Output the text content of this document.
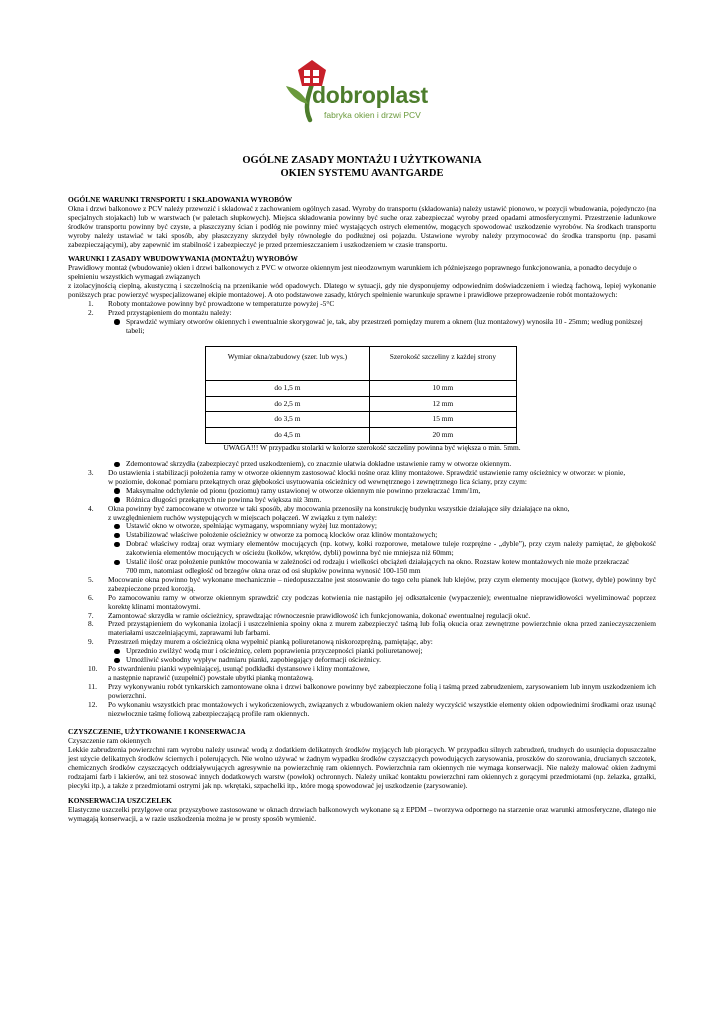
dobroplast
fabryka okien i drzwi PCV
OGÓLNE ZASADY MONTAŻU I UŻYTKOWANIA
OKIEN SYSTEMU AVANTGARDE

OGÓLNE WARUNKI TRNSPORTU I SKŁADOWANIA WYROBÓW

Okna i drzwi balkonowe z PCV należy przewozić i składować z zachowaniem ogólnych zasad. Wyroby do transportu (składowania) należy ustawić pionowo, w pozycji wbudowania, pojedynczo (na specjalnych stojakach) lub w warstwach (w paletach słupkowych). Miejsca składowania powinny być suche oraz zabezpieczać wyroby przed opadami atmosferycznymi. Przestrzenie ładunkowe środków transportu powinny być czyste, a płaszczyzny ścian i podłóg nie powinny mieć wystających ostrych elementów, mogących spowodować uszkodzenie wyrobów. Na środkach transportu wyroby należy ustawiać w taki sposób, aby płaszczyzny skrzydeł były równoległe do podłużnej osi pojazdu. Ustawione wyroby należy przymocować do środka transportu (np. pasami zabezpieczającymi), aby zapewnić im stabilność i zabezpieczyć je przed przemieszczaniem i uszkodzeniem w czasie transportu.

WARUNKI I ZASADY WBUDOWYWANIA (MONTAŻU) WYROBÓW

Prawidłowy montaż (wbudowanie) okien i drzwi balkonowych z PVC w otworze okiennym jest nieodzownym warunkiem ich późniejszego poprawnego funkcjonowania, a ponadto decyduje o spełnieniu wszystkich wymagań związanych

z izolacyjnością cieplną, akustyczną i szczelnością na przenikanie wód opadowych. Dlatego w sytuacji, gdy nie dysponujemy odpowiednim doświadczeniem i wiedzą fachową, lepiej wykonanie poniższych prac powierzyć wyspecjalizowanej ekipie montażowej. A oto podstawowe zasady, których spełnienie warunkuje sprawne i prawidłowe przeprowadzenie robót montażowych:

1. Roboty montażowe powinny być prowadzone w temperaturze powyżej -5°C
2. Przed przystąpieniem do montażu należy:
Sprawdzić wymiary otworów okiennych i ewentualnie skorygować je, tak, aby przestrzeń pomiędzy murem a oknem (luz montażowy) wynosiła 10 - 25mm; według poniższej tabeli;
Wymiar okna/zabudowy (szer. lub wys.)	Szerokość szczeliny z każdej strony
do 1,5 m	10 mm
do 2,5 m	12 mm
do 3,5 m	15 mm
do 4,5 m	20 mm

UWAGA!!! W przypadku stolarki w kolorze szerokość szczeliny powinna być większa o min. 5mm.

Zdemontować skrzydła (zabezpieczyć przed uszkodzeniem), co znacznie ułatwia dokładne ustawienie ramy w otworze okiennym.
3. Do ustawienia i stabilizacji położenia ramy w otworze okiennym zastosować klocki nośne oraz kliny montażowe. Sprawdzić ustawienie ramy ościeżnicy w otworze: w pionie,

w poziomie, dokonać pomiaru przekątnych oraz głębokości usytuowania ościeżnicy od wewnętrznego i zewnętrznego lica ściany, przy czym:

Maksymalne odchylenie od pionu (poziomu) ramy ustawionej w otworze okiennym nie powinno przekraczać 1mm/1m,
Różnica długości przekątnych nie powinna być większa niż 3mm.
4. Okna powinny być zamocowane w otworze w taki sposób, aby mocowania przenosiły na konstrukcję budynku wszystkie działające siły działające na okno,

z uwzględnieniem ruchów występujących w miejscach połączeń. W związku z tym należy:

Ustawić okno w otworze, spełniając wymagany, wspomniany wyżej luz montażowy;
Ustabilizować właściwe położenie ościeżnicy w otworze za pomocą klocków oraz klinów montażowych;
Dobrać właściwy rodzaj oraz wymiary elementów mocujących (np. kotwy, kołki rozporowe, metalowe tuleje rozprężne - „dyble”), przy czym należy pamiętać, że głębokość zakotwienia elementów mocujących w ościeżu (kołków, wkrętów, dybli) powinna być nie mniejsza niż 60mm;
Ustalić ilość oraz położenie punktów mocowania w zależności od rodzaju i wielkości obciążeń działających na okno. Rozstaw kotew montażowych nie może przekraczać

700 mm, natomiast odległość od brzegów okna oraz od osi słupków powinna wynosić 100-150 mm

5. Mocowanie okna powinno być wykonane mechanicznie – niedopuszczalne jest stosowanie do tego celu pianek lub klejów, przy czym elementy mocujące (kotwy, dyble) powinny być zabezpieczone przed korozją.
6. Po zamocowaniu ramy w otworze okiennym sprawdzić czy podczas kotwienia nie nastąpiło jej odkształcenie (wypaczenie); ewentualne nieprawidłowości wyeliminować poprzez korektę klinami montażowymi.
7. Zamontować skrzydła w ramie ościeżnicy, sprawdzając równoczesnie prawidłowość ich funkcjonowania, dokonać ewentualnej regulacji okuć.
8. Przed przystąpieniem do wykonania izolacji i uszczelnienia spoiny okna z murem zabezpieczyć taśmą lub folią okucia oraz zewnętrzne powierzchnie okna przed zanieczyszczeniem materiałami uszczelniającymi, zaprawami lub farbami.
9. Przestrzeń między murem a ościeżnicą okna wypełnić pianką poliuretanową niskorozprężną, pamiętając, aby:
Uprzednio zwilżyć wodą mur i ościeżnicę, celem poprawienia przyczepności pianki poliuretanowej;
Umożliwić swobodny wypływ nadmiaru pianki, zapobiegający deformacji ościeżnicy.
10. Po stwardnieniu pianki wypełniającej, usunąć podkładki dystansowe i kliny montażowe,

a następnie naprawić (uzupełnić) powstałe ubytki pianką montażową.

11. Przy wykonywaniu robót tynkarskich zamontowane okna i drzwi balkonowe powinny być zabezpieczone folią i taśmą przed zabrudzeniem, zarysowaniem lub innym uszkodzeniem ich powierzchni.
12. Po wykonaniu wszystkich prac montażowych i wykończeniowych, związanych z wbudowaniem okien należy wyczyścić wszystkie elementy okien odpowiednimi środkami oraz usunąć niezwłocznie taśmę foliową zabezpieczającą profile ram okiennych.

CZYSZCZENIE, UŻYTKOWANIE I KONSERWACJA

Czyszczenie ram okiennych

Lekkie zabrudzenia powierzchni ram wyrobu należy usuwać wodą z dodatkiem delikatnych środków myjących lub piorących. W przypadku silnych zabrudzeń, trudnych do usunięcia dopuszczalne jest użycie delikatnych środków ściernych i polerujących. Nie wolno używać w żadnym wypadku środków czyszczących powodujących zarysowania, proszków do szorowania, drucianych szczotek, chemicznych środków czyszczących oddziaływujących agresywnie na powierzchnię ram okiennych. Powierzchnia ram okiennych nie wymaga konserwacji. Nie należy malować okien żadnymi rodzajami farb i lakierów, ani też stosować innych dodatkowych warstw (powłok) ochronnych. Należy unikać kontaktu powierzchni ram okiennych z gorącymi przedmiotami (np. żelazka, grzałki, piecyki itp.), a także z przedmiotami ostrymi jak np. wkrętaki, szpachelki itp., które mogą spowodować jej uszkodzenie (zarysowanie).

KONSERWACJA USZCZELEK

Elastyczne uszczelki przylgowe oraz przyszybowe zastosowane w oknach drzwiach balkonowych wykonane są z EPDM – tworzywa odpornego na starzenie oraz warunki atmosferyczne, dlatego nie wymagają konserwacji, a w razie uszkodzenia można je w prosty sposób wymienić.
